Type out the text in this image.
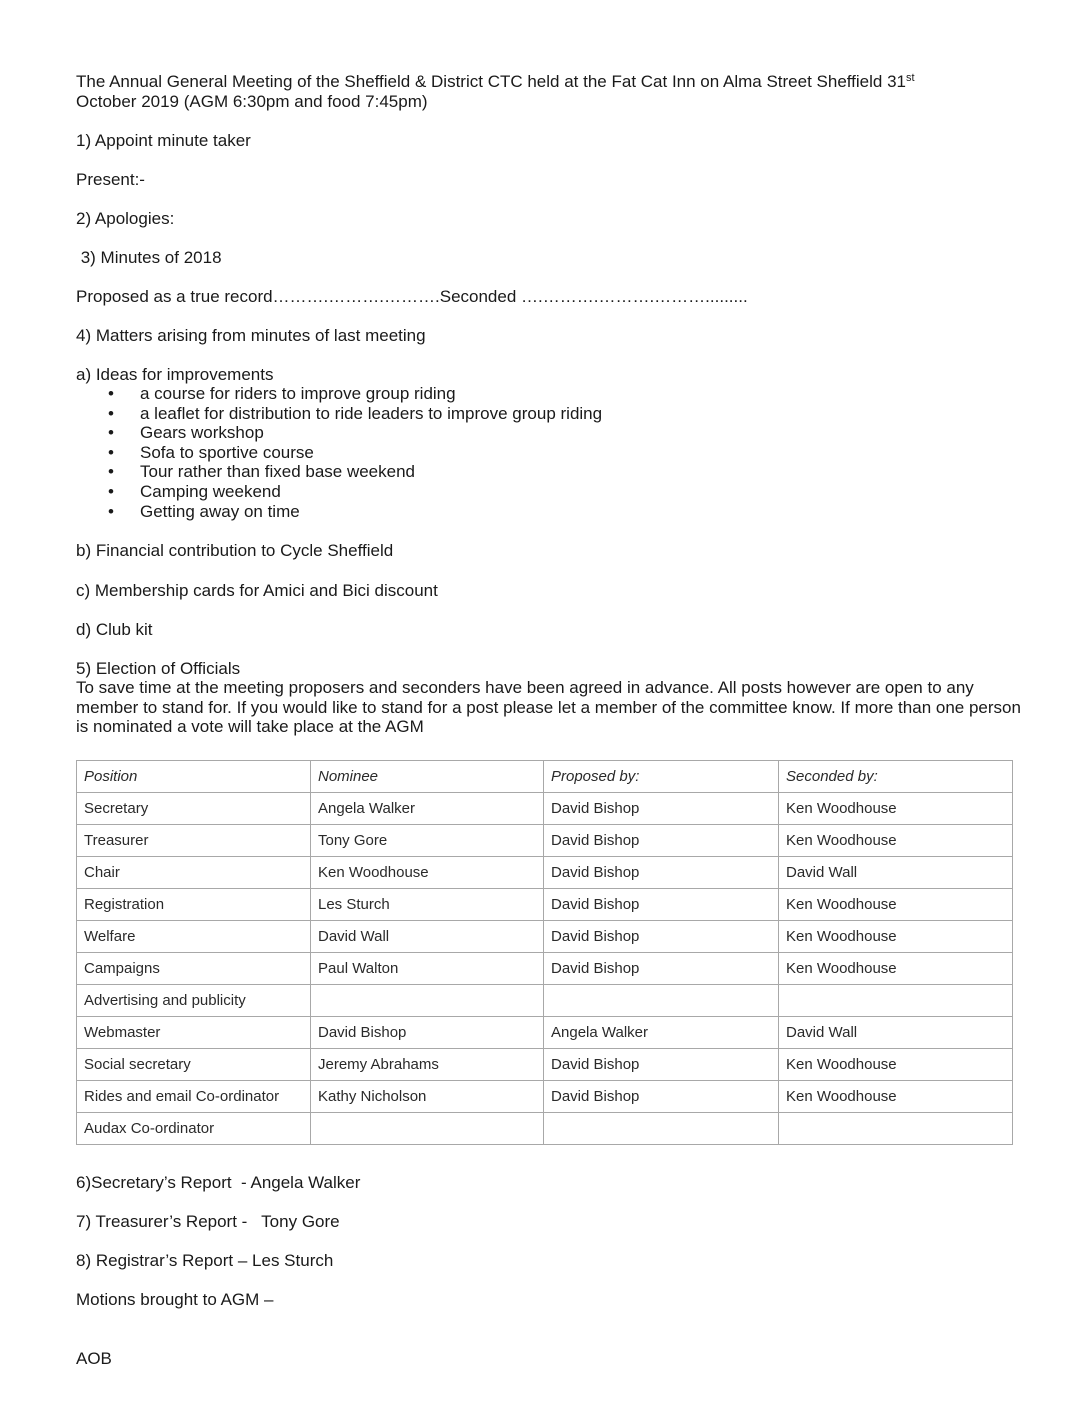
The Annual General Meeting of the Sheffield & District CTC held at the Fat Cat Inn on Alma Street Sheffield 31st
October 2019 (AGM 6:30pm and food 7:45pm)

1) Appoint minute taker

Present:-

2) Apologies:

3) Minutes of 2018

Proposed as a true record……….……….……….Seconded ….……….……….……….........

4) Matters arising from minutes of last meeting

a) Ideas for improvements

• a course for riders to improve group riding
• a leaflet for distribution to ride leaders to improve group riding
• Gears workshop
• Sofa to sportive course
• Tour rather than fixed base weekend
• Camping weekend
• Getting away on time

b) Financial contribution to Cycle Sheffield

c) Membership cards for Amici and Bici discount

d) Club kit

5) Election of Officials

To save time at the meeting proposers and seconders have been agreed in advance. All posts however are open to any member to stand for. If you would like to stand for a post please let a member of the committee know. If more than one person is nominated a vote will take place at the AGM

Position	Nominee	Proposed by:	Seconded by:
Secretary	Angela Walker	David Bishop	Ken Woodhouse
Treasurer	Tony Gore	David Bishop	Ken Woodhouse
Chair	Ken Woodhouse	David Bishop	David Wall
Registration	Les Sturch	David Bishop	Ken Woodhouse
Welfare	David Wall	David Bishop	Ken Woodhouse
Campaigns	Paul Walton	David Bishop	Ken Woodhouse
Advertising and publicity			
Webmaster	David Bishop	Angela Walker	David Wall
Social secretary	Jeremy Abrahams	David Bishop	Ken Woodhouse
Rides and email Co-ordinator	Kathy Nicholson	David Bishop	Ken Woodhouse
Audax Co-ordinator			

6)Secretary’s Report  - Angela Walker

7) Treasurer’s Report -   Tony Gore

8) Registrar’s Report – Les Sturch

Motions brought to AGM –

AOB
